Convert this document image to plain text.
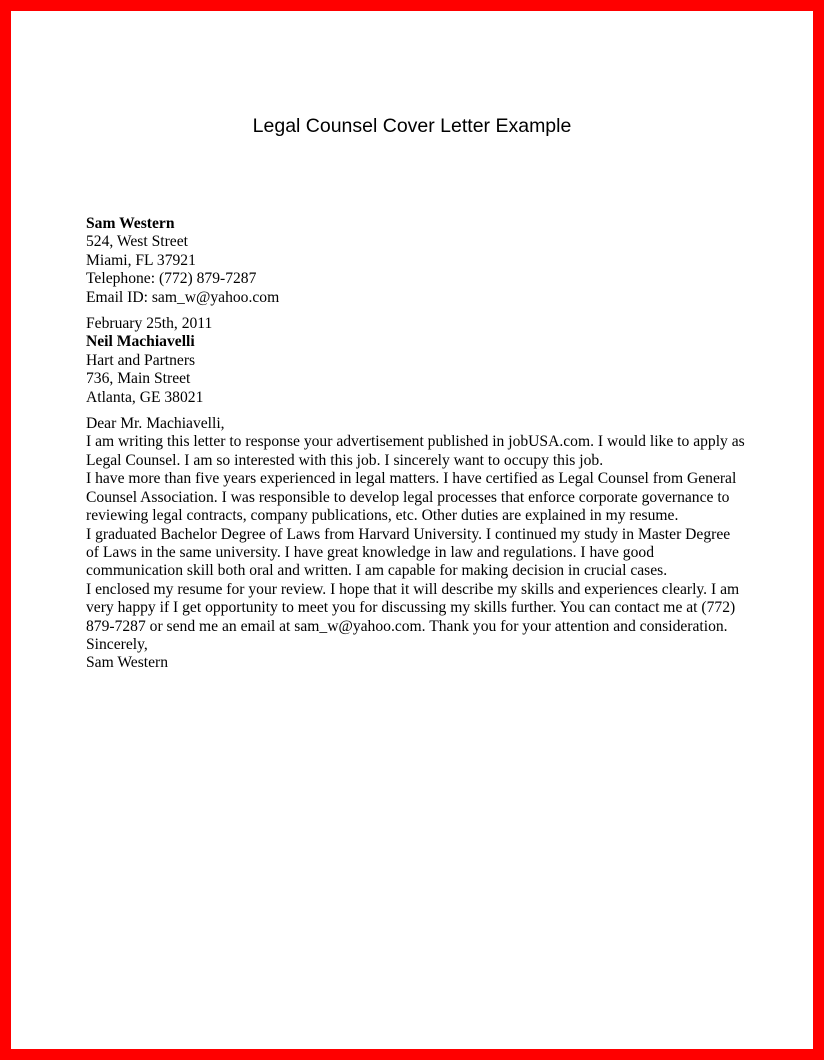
Legal Counsel Cover Letter Example

Sam Western

524, West Street

Miami, FL 37921

Telephone: (772) 879-7287

Email ID: sam_w@yahoo.com

February 25th, 2011

Neil Machiavelli

Hart and Partners

736, Main Street

Atlanta, GE 38021

Dear Mr. Machiavelli,

I am writing this letter to response your advertisement published in jobUSA.com. I would like to apply as Legal Counsel. I am so interested with this job. I sincerely want to occupy this job.

I have more than five years experienced in legal matters. I have certified as Legal Counsel from General Counsel Association. I was responsible to develop legal processes that enforce corporate governance to reviewing legal contracts, company publications, etc. Other duties are explained in my resume.

I graduated Bachelor Degree of Laws from Harvard University. I continued my study in Master Degree of Laws in the same university. I have great knowledge in law and regulations. I have good communication skill both oral and written. I am capable for making decision in crucial cases.

I enclosed my resume for your review. I hope that it will describe my skills and experiences clearly. I am very happy if I get opportunity to meet you for discussing my skills further. You can contact me at (772) 879-7287 or send me an email at sam_w@yahoo.com. Thank you for your attention and consideration.

Sincerely,

Sam Western
